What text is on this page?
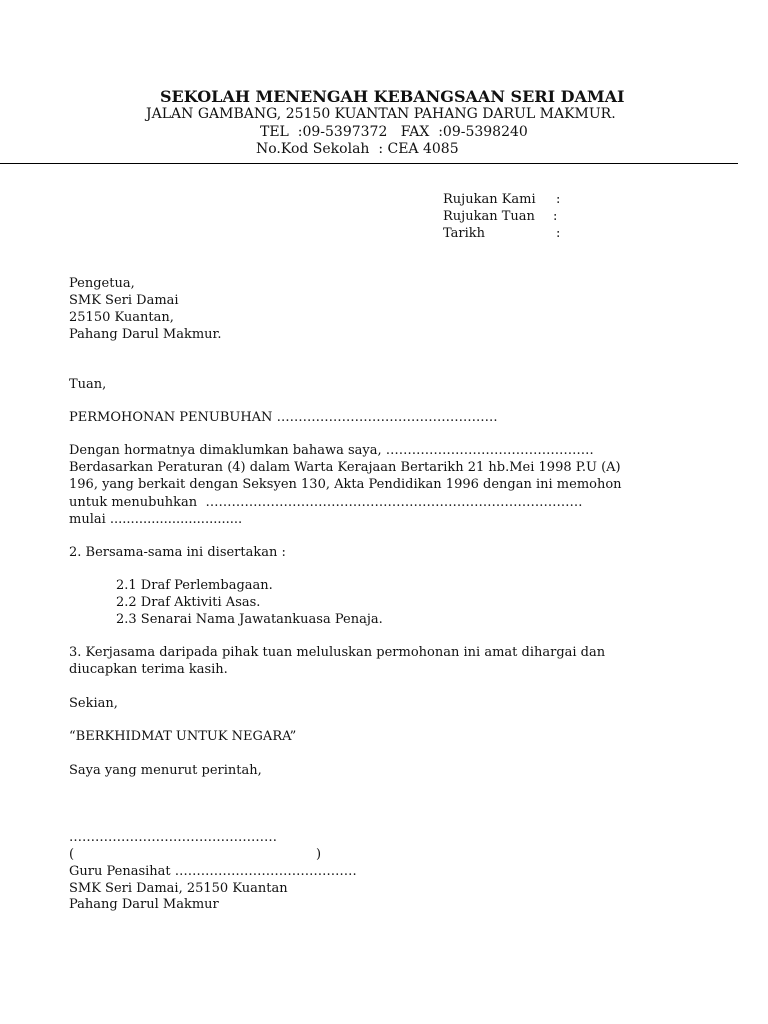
SEKOLAH MENENGAH KEBANGSAAN SERI DAMAI
JALAN GAMBANG, 25150 KUANTAN PAHANG DARUL MAKMUR.
TEL  :09-5397372   FAX  :09-5398240
No.Kod Sekolah  : CEA 4085
Rujukan Kami :
Rujukan Tuan :
Tarikh	:
Pengetua,
SMK Seri Damai
25150 Kuantan,
Pahang Darul Makmur.
Tuan,
PERMOHONAN PENUBUHAN ……………………………………………
Dengan hormatnya dimaklumkan bahawa saya, …………………………………………
Berdasarkan Peraturan (4) dalam Warta Kerajaan Bertarikh 21 hb.Mei 1998 P.U (A)
196, yang berkait dengan Seksyen 130, Akta Pendidikan 1996 dengan ini memohon
untuk menubuhkan  ……………………………………………………………………………
mulai ................................
2. Bersama-sama ini disertakan :
2.1 Draf Perlembagaan.
2.2 Draf Aktiviti Asas.
2.3 Senarai Nama Jawatankuasa Penaja.
3. Kerjasama daripada pihak tuan meluluskan permohonan ini amat dihargai dan
diucapkan terima kasih.
Sekian,
“BERKHIDMAT UNTUK NEGARA”
Saya yang menurut perintah,
…………………………………………
(	)
Guru Penasihat ……………………………………
SMK Seri Damai, 25150 Kuantan
Pahang Darul Makmur
